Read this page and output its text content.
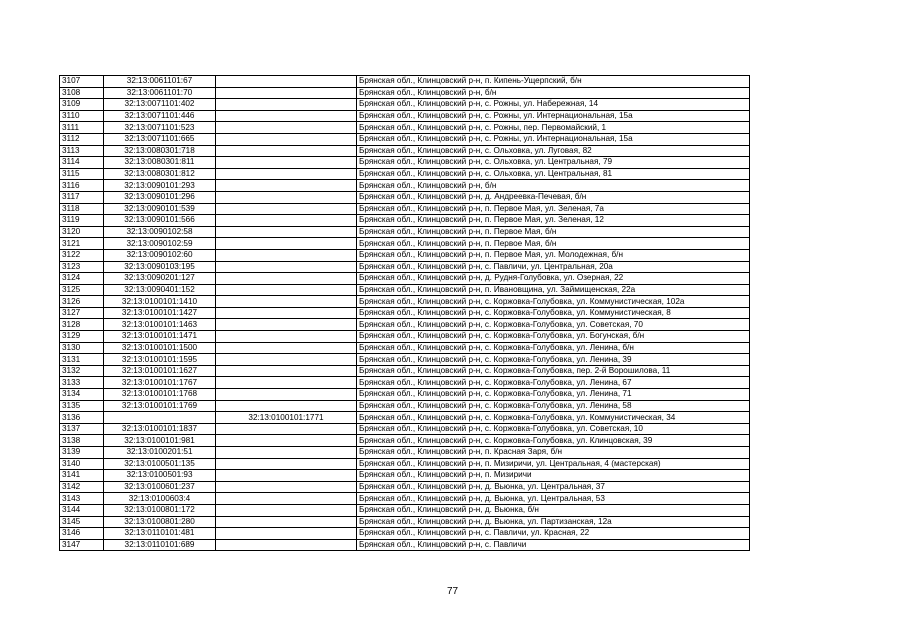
3107	32:13:0061101:67		Брянская обл., Клинцовский р-н, п. Кипень-Ущерпский, б/н
3108	32:13:0061101:70		Брянская обл., Клинцовский р-н, б/н
3109	32:13:0071101:402		Брянская обл., Клинцовский р-н, с. Рожны, ул. Набережная, 14
3110	32:13:0071101:446		Брянская обл., Клинцовский р-н, с. Рожны, ул. Интернациональная, 15а
3111	32:13:0071101:523		Брянская обл., Клинцовский р-н, с. Рожны, пер. Первомайский, 1
3112	32:13:0071101:665		Брянская обл., Клинцовский р-н, с. Рожны, ул. Интернациональная, 15а
3113	32:13:0080301:718		Брянская обл., Клинцовский р-н, с. Ольховка, ул. Луговая, 82
3114	32:13:0080301:811		Брянская обл., Клинцовский р-н, с. Ольховка, ул. Центральная, 79
3115	32:13:0080301:812		Брянская обл., Клинцовский р-н, с. Ольховка, ул. Центральная, 81
3116	32:13:0090101:293		Брянская обл., Клинцовский р-н, б/н
3117	32:13:0090101:296		Брянская обл., Клинцовский р-н, д. Андреевка-Печевая, б/н
3118	32:13:0090101:539		Брянская обл., Клинцовский р-н, п. Первое Мая, ул. Зеленая, 7а
3119	32:13:0090101:566		Брянская обл., Клинцовский р-н, п. Первое Мая, ул. Зеленая, 12
3120	32:13:0090102:58		Брянская обл., Клинцовский р-н, п. Первое Мая, б/н
3121	32:13:0090102:59		Брянская обл., Клинцовский р-н, п. Первое Мая, б/н
3122	32:13:0090102:60		Брянская обл., Клинцовский р-н, п. Первое Мая, ул. Молодежная, б/н
3123	32:13:0090103:195		Брянская обл., Клинцовский р-н, с. Павличи, ул. Центральная, 20а
3124	32:13:0090201:127		Брянская обл., Клинцовский р-н, д. Рудня-Голубовка, ул. Озерная, 22
3125	32:13:0090401:152		Брянская обл., Клинцовский р-н, п. Ивановщина, ул. Займищенская, 22а
3126	32:13:0100101:1410		Брянская обл., Клинцовский р-н, с. Коржовка-Голубовка, ул. Коммунистическая, 102а
3127	32:13:0100101:1427		Брянская обл., Клинцовский р-н, с. Коржовка-Голубовка, ул. Коммунистическая, 8
3128	32:13:0100101:1463		Брянская обл., Клинцовский р-н, с. Коржовка-Голубовка, ул. Советская, 70
3129	32:13:0100101:1471		Брянская обл., Клинцовский р-н, с. Коржовка-Голубовка, ул. Богунская, б/н
3130	32:13:0100101:1500		Брянская обл., Клинцовский р-н, с. Коржовка-Голубовка, ул. Ленина, б/н
3131	32:13:0100101:1595		Брянская обл., Клинцовский р-н, с. Коржовка-Голубовка, ул. Ленина, 39
3132	32:13:0100101:1627		Брянская обл., Клинцовский р-н, с. Коржовка-Голубовка, пер. 2-й Ворошилова, 11
3133	32:13:0100101:1767		Брянская обл., Клинцовский р-н, с. Коржовка-Голубовка, ул. Ленина, 67
3134	32:13:0100101:1768		Брянская обл., Клинцовский р-н, с. Коржовка-Голубовка, ул. Ленина, 71
3135	32:13:0100101:1769		Брянская обл., Клинцовский р-н, с. Коржовка-Голубовка, ул. Ленина, 58
3136		32:13:0100101:1771	Брянская обл., Клинцовский р-н, с. Коржовка-Голубовка, ул. Коммунистическая, 34
3137	32:13:0100101:1837		Брянская обл., Клинцовский р-н, с. Коржовка-Голубовка, ул. Советская, 10
3138	32:13:0100101:981		Брянская обл., Клинцовский р-н, с. Коржовка-Голубовка, ул. Клинцовская, 39
3139	32:13:0100201:51		Брянская обл., Клинцовский р-н, п. Красная Заря, б/н
3140	32:13:0100501:135		Брянская обл., Клинцовский р-н, п. Мизиричи, ул. Центральная, 4 (мастерская)
3141	32:13:0100501:93		Брянская обл., Клинцовский р-н, п. Мизиричи
3142	32:13:0100601:237		Брянская обл., Клинцовский р-н, д. Вьюнка, ул. Центральная, 37
3143	32:13:0100603:4		Брянская обл., Клинцовский р-н, д. Вьюнка, ул. Центральная, 53
3144	32:13:0100801:172		Брянская обл., Клинцовский р-н, д. Вьюнка, б/н
3145	32:13:0100801:280		Брянская обл., Клинцовский р-н, д. Вьюнка, ул. Партизанская, 12а
3146	32:13:0110101:481		Брянская обл., Клинцовский р-н, с. Павличи, ул. Красная, 22
3147	32:13:0110101:689		Брянская обл., Клинцовский р-н, с. Павличи
77
